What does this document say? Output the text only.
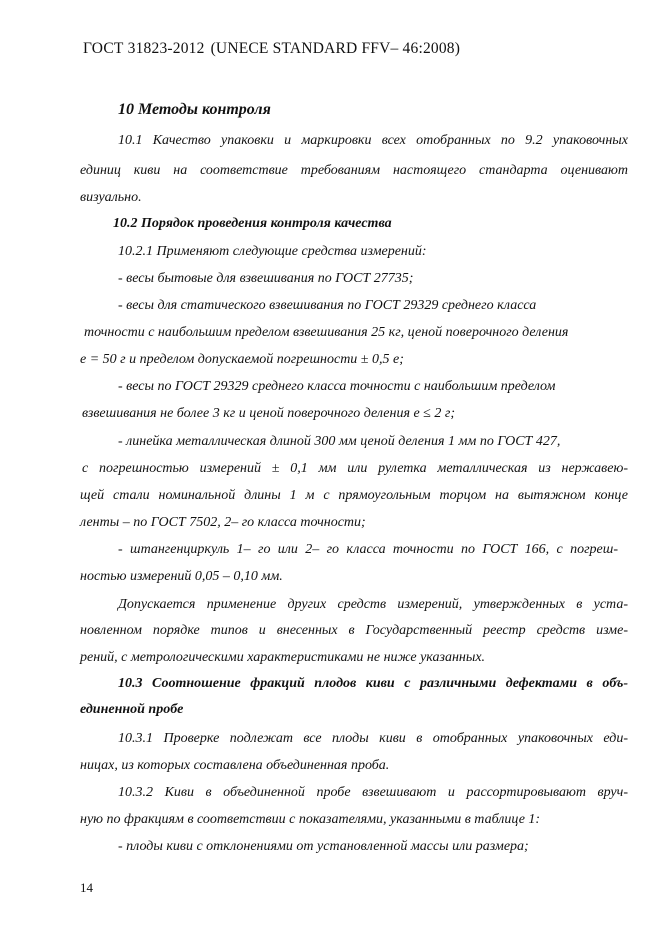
ГОСТ 31823-2012 (UNECE STANDARD FFV– 46:2008)
10 Методы контроля
10.1 Качество упаковки и маркировки всех отобранных по 9.2 упаковочных
единиц киви на соответствие требованиям настоящего стандарта оценивают
визуально.
10.2 Порядок проведения контроля качества
10.2.1 Применяют следующие средства измерений:
- весы бытовые для взвешивания по ГОСТ 27735;
- весы для статического взвешивания по ГОСТ 29329 среднего класса
точности с наибольшим пределом взвешивания 25 кг, ценой поверочного деления
е = 50 г и пределом допускаемой погрешности ± 0,5 е;
- весы по ГОСТ 29329 среднего класса точности с наибольшим пределом
взвешивания не более 3 кг и ценой поверочного деления е ≤ 2 г;
- линейка металлическая длиной 300 мм ценой деления 1 мм по ГОСТ 427,
с погрешностью измерений ± 0,1 мм или рулетка металлическая из нержавею-
щей стали номинальной длины 1 м с прямоугольным торцом на вытяжном конце
ленты – по ГОСТ 7502, 2– го класса точности;
- штангенциркуль 1– го или 2– го класса точности по ГОСТ 166, с погреш-
ностью измерений 0,05 – 0,10 мм.
Допускается применение других средств измерений, утвержденных в уста-
новленном порядке типов и внесенных в Государственный реестр средств изме-
рений, с метрологическими характеристиками не ниже указанных.
10.3 Соотношение фракций плодов киви с различными дефектами в объ-
единенной пробе
10.3.1 Проверке подлежат все плоды киви в отобранных упаковочных еди-
ницах, из которых составлена объединенная проба.
10.3.2 Киви в объединенной пробе взвешивают и рассортировывают вруч-
ную по фракциям в соответствии с показателями, указанными в таблице 1:
- плоды киви с отклонениями от установленной массы или размера;
14
